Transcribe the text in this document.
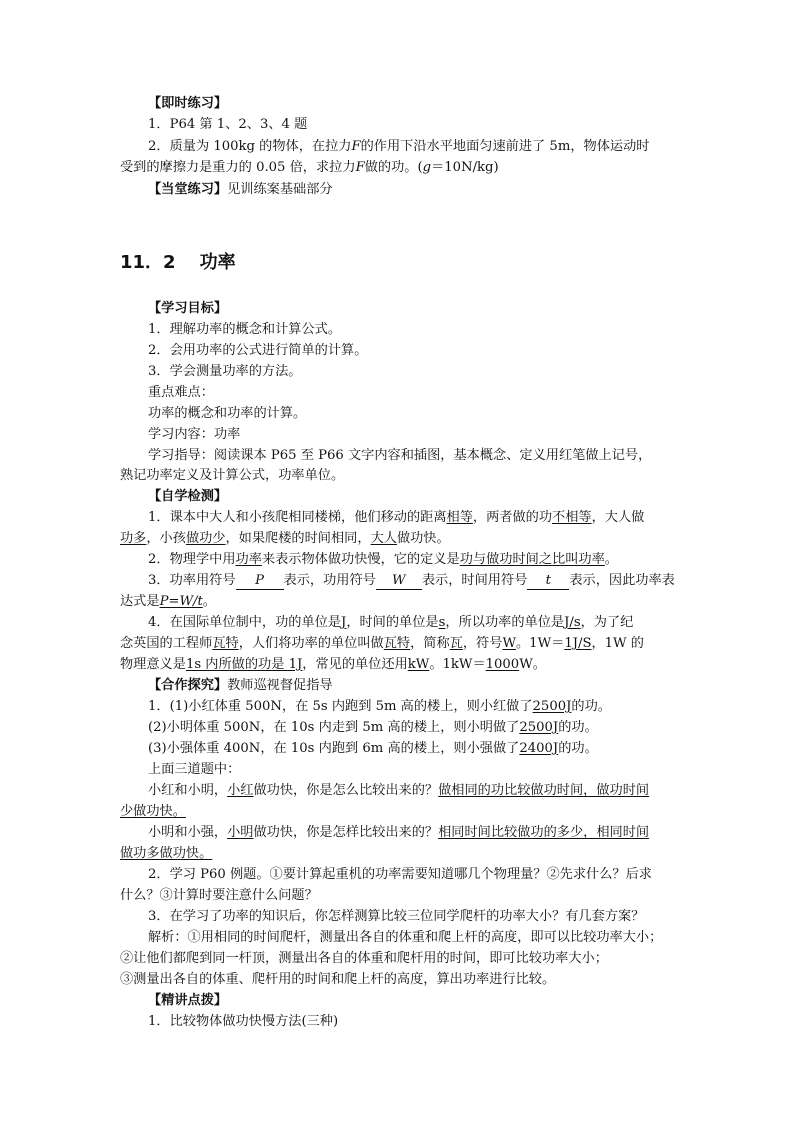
【即时练习】
1．P64 第 1、2、3、4 题
2．质量为 100kg 的物体，在拉力F的作用下沿水平地面匀速前进了 5m，物体运动时
受到的摩擦力是重力的 0.05 倍，求拉力F做的功。(g＝10N/kg)
【当堂练习】见训练案基础部分
11．2 功率
【学习目标】
1．理解功率的概念和计算公式。
2．会用功率的公式进行简单的计算。
3．学会测量功率的方法。
重点难点：
功率的概念和功率的计算。
学习内容：功率
学习指导：阅读课本 P65 至 P66 文字内容和插图，基本概念、定义用红笔做上记号，
熟记功率定义及计算公式，功率单位。
【自学检测】
1．课本中大人和小孩爬相同楼梯，他们移动的距离相等，两者做的功不相等，大人做
功多，小孩做功少，如果爬楼的时间相同，大人做功快。
2．物理学中用功率来表示物体做功快慢，它的定义是功与做功时间之比叫功率。
3．功率用符号 P 表示，功用符号 W 表示，时间用符号 t 表示，因此功率表
达式是P=W/t。
4．在国际单位制中，功的单位是J，时间的单位是s，所以功率的单位是J/s，为了纪
念英国的工程师瓦特，人们将功率的单位叫做瓦特，简称瓦，符号W。1W＝1J/S，1W 的
物理意义是1s 内所做的功是 1J，常见的单位还用kW。1kW＝1000W。
【合作探究】教师巡视督促指导
1．(1)小红体重 500N，在 5s 内跑到 5m 高的楼上，则小红做了2500J的功。
(2)小明体重 500N，在 10s 内走到 5m 高的楼上，则小明做了2500J的功。
(3)小强体重 400N，在 10s 内跑到 6m 高的楼上，则小强做了2400J的功。
上面三道题中：
小红和小明，小红做功快，你是怎么比较出来的？做相同的功比较做功时间，做功时间
少做功快。
小明和小强，小明做功快，你是怎样比较出来的？相同时间比较做功的多少，相同时间
做功多做功快。
2．学习 P60 例题。①要计算起重机的功率需要知道哪几个物理量？②先求什么？后求
什么？③计算时要注意什么问题？
3．在学习了功率的知识后，你怎样测算比较三位同学爬杆的功率大小？有几套方案？
解析：①用相同的时间爬杆，测量出各自的体重和爬上杆的高度，即可以比较功率大小；
②让他们都爬到同一杆顶，测量出各自的体重和爬杆用的时间，即可比较功率大小；
③测量出各自的体重、爬杆用的时间和爬上杆的高度，算出功率进行比较。
【精讲点拨】
1．比较物体做功快慢方法(三种)
